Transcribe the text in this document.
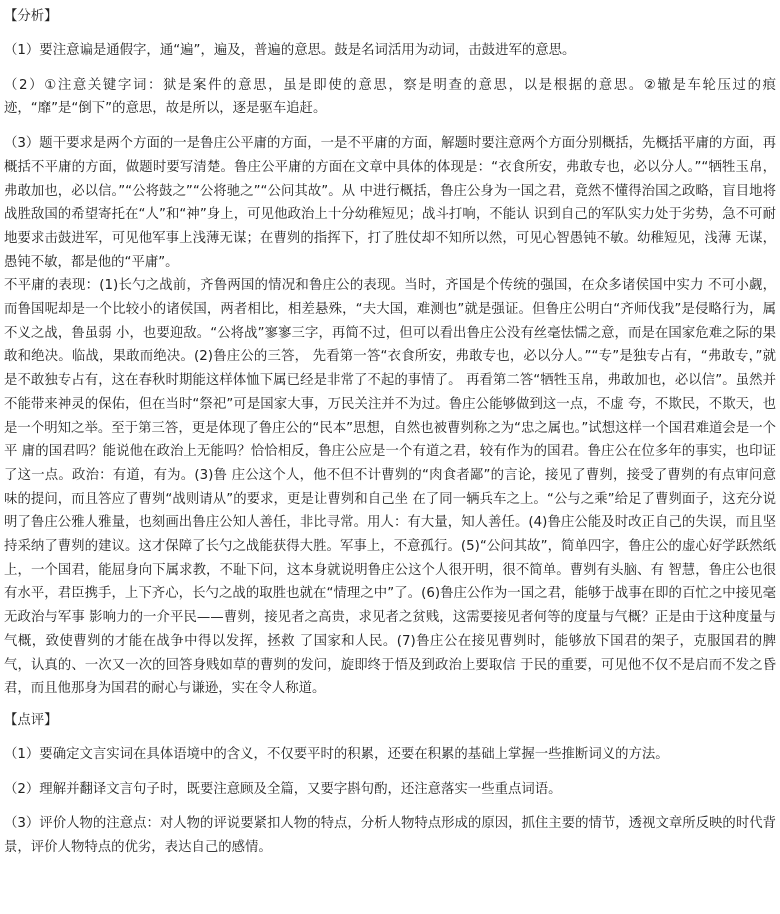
【分析】

（1）要注意谝是通假字，通“遍”，遍及，普遍的意思。鼓是名词活用为动词，击鼓进军的意思。

（2）①注意关键字词：狱是案件的意思，虽是即使的意思，察是明查的意思，以是根据的意思。②辙是车轮压过的痕迹，“靡”是“倒下”的意思，故是所以，逐是驱车追赶。

（3）题干要求是两个方面的一是鲁庄公平庸的方面，一是不平庸的方面，解题时要注意两个方面分别概括，先概括平庸的方面，再概括不平庸的方面，做题时要写清楚。鲁庄公平庸的方面在文章中具体的体现是：“衣食所安，弗敢专也，必以分人。”“牺牲玉帛，弗敢加也，必以信。”“公将鼓之”“公将驰之”“公问其故”。从 中进行概括，鲁庄公身为一国之君，竟然不懂得治国之政略，盲目地将战胜敌国的希望寄托在“人”和“神”身上，可见他政治上十分幼稚短见；战斗打响，不能认 识到自己的军队实力处于劣势，急不可耐地要求击鼓进军，可见他军事上浅薄无谋；在曹刿的指挥下，打了胜仗却不知所以然，可见心智愚钝不敏。幼稚短见，浅薄 无谋，愚钝不敏，都是他的“平庸”。

不平庸的表现：(1)长勺之战前，齐鲁两国的情况和鲁庄公的表现。当时，齐国是个传统的强国，在众多诸侯国中实力 不可小觑，而鲁国呢却是一个比较小的诸侯国，两者相比，相差悬殊，“夫大国，难测也”就是强证。但鲁庄公明白“齐师伐我”是侵略行为，属不义之战，鲁虽弱 小，也要迎敌。“公将战”寥寥三字，再简不过，但可以看出鲁庄公没有丝毫怯懦之意，而是在国家危难之际的果敢和绝决。临战，果敢而绝决。(2)鲁庄公的三答， 先看第一答“衣食所安，弗敢专也，必以分人。”“专”是独专占有，“弗敢专，”就是不敢独专占有，这在春秋时期能这样体恤下属已经是非常了不起的事情了。 再看第二答“牺牲玉帛，弗敢加也，必以信”。虽然并不能带来神灵的保佑，但在当时“祭祀”可是国家大事，万民关注并不为过。鲁庄公能够做到这一点，不虚 夸，不欺民，不欺天，也是一个明知之举。至于第三答，更是体现了鲁庄公的“民本”思想，自然也被曹刿称之为“忠之属也。”试想这样一个国君难道会是一个平 庸的国君吗？能说他在政治上无能吗？恰恰相反，鲁庄公应是一个有道之君，较有作为的国君。鲁庄公在位多年的事实，也印证了这一点。政治：有道，有为。(3)鲁 庄公这个人，他不但不计曹刿的“肉食者鄙”的言论，接见了曹刿，接受了曹刿的有点审问意味的提问，而且答应了曹刿“战则请从”的要求，更是让曹刿和自己坐 在了同一辆兵车之上。“公与之乘”给足了曹刿面子，这充分说明了鲁庄公雅人雅量，也刻画出鲁庄公知人善任，非比寻常。用人：有大量，知人善任。(4)鲁庄公能及时改正自己的失误，而且坚持采纳了曹刿的建议。这才保障了长勺之战能获得大胜。军事上，不意孤行。(5)“公问其故”，简单四字，鲁庄公的虚心好学跃然纸上，一个国君，能屈身向下属求教，不耻下问，这本身就说明鲁庄公这个人很开明，很不简单。曹刿有头脑、有 智慧，鲁庄公也很有水平，君臣携手，上下齐心，长勺之战的取胜也就在“情理之中”了。(6)鲁庄公作为一国之君，能够于战事在即的百忙之中接见毫无政治与军事 影响力的一介平民——曹刿，接见者之高贵，求见者之贫贱，这需要接见者何等的度量与气概？正是由于这种度量与气概，致使曹刿的才能在战争中得以发挥，拯救 了国家和人民。(7)鲁庄公在接见曹刿时，能够放下国君的架子，克服国君的脾气，认真的、一次又一次的回答身贱如草的曹刿的发问，旋即终于悟及到政治上要取信 于民的重要，可见他不仅不是启而不发之昏君，而且他那身为国君的耐心与谦逊，实在令人称道。

【点评】

（1）要确定文言实词在具体语境中的含义，不仅要平时的积累，还要在积累的基础上掌握一些推断词义的方法。

（2）理解并翻译文言句子时，既要注意顾及全篇，又要字斟句酌，还注意落实一些重点词语。

（3）评价人物的注意点：对人物的评说要紧扣人物的特点，分析人物特点形成的原因，抓住主要的情节，透视文章所反映的时代背景，评价人物特点的优劣，表达自己的感情。
